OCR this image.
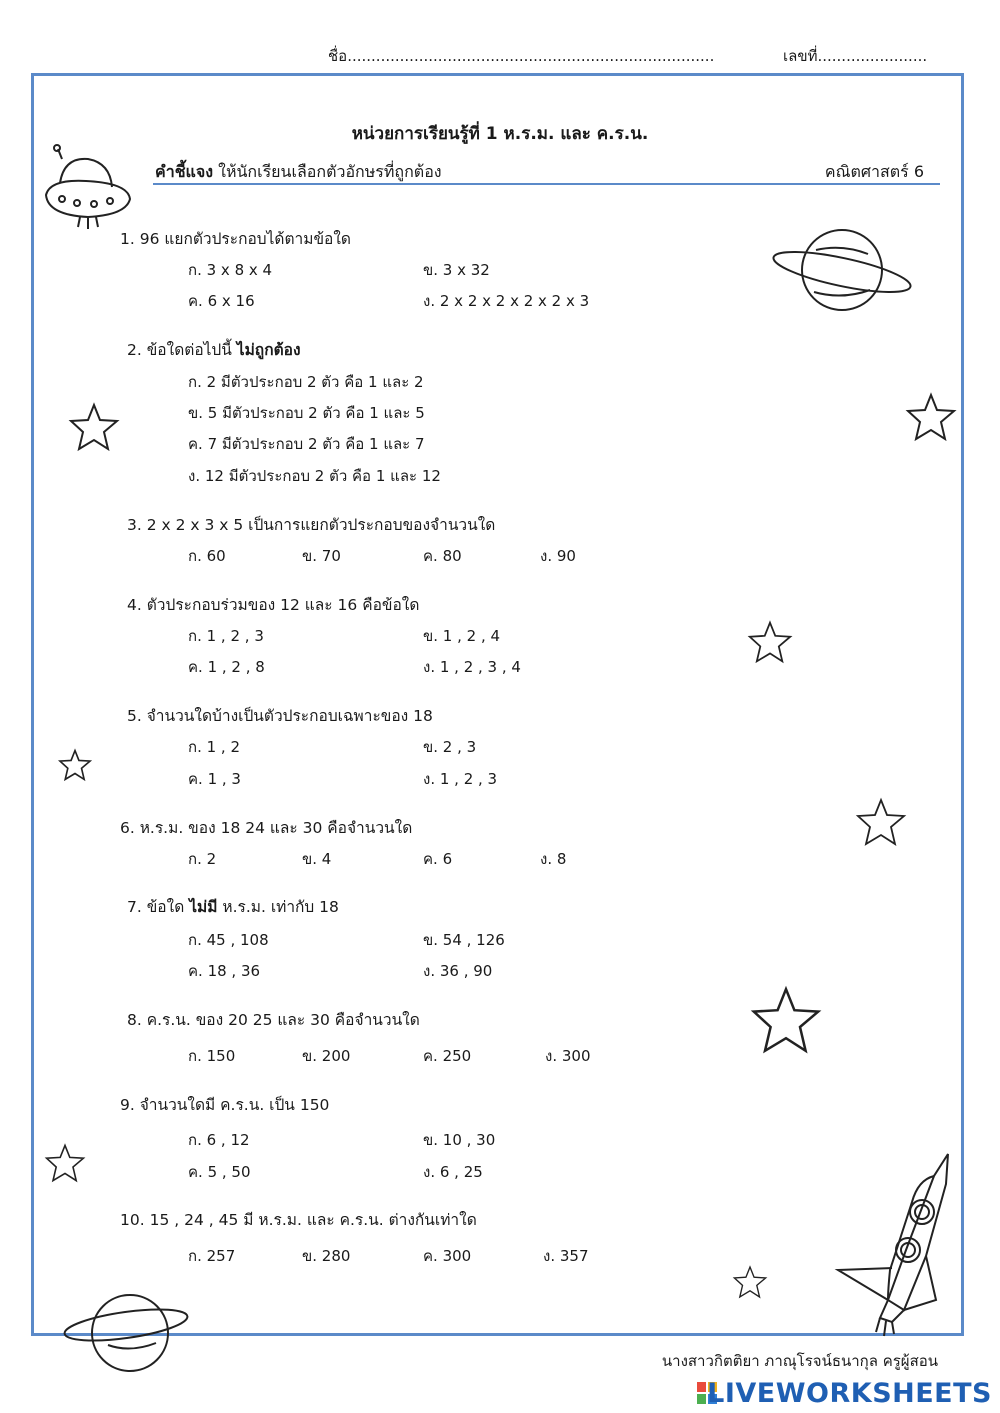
ชื่อ.............................................................................	เลขที่.......................
หน่วยการเรียนรู้ที่ 1 ห.ร.ม. และ ค.ร.น.
คำชี้แจง ให้นักเรียนเลือกตัวอักษรที่ถูกต้อง	คณิตศาสตร์ 6
1. 96 แยกตัวประกอบได้ตามข้อใด
ก. 3 x 8 x 4	ข. 3 x 32
ค. 6 x 16	ง. 2 x 2 x 2 x 2 x 2 x 3
2. ข้อใดต่อไปนี้ ไม่ถูกต้อง
ก. 2 มีตัวประกอบ 2 ตัว คือ 1 และ 2
ข. 5 มีตัวประกอบ 2 ตัว คือ 1 และ 5
ค. 7 มีตัวประกอบ 2 ตัว คือ 1 และ 7
ง. 12 มีตัวประกอบ 2 ตัว คือ 1 และ 12
3. 2 x 2 x 3 x 5 เป็นการแยกตัวประกอบของจำนวนใด
ก. 60	ข. 70	ค. 80	ง. 90
4. ตัวประกอบร่วมของ 12 และ 16 คือข้อใด
ก. 1 , 2 , 3	ข. 1 , 2 , 4
ค. 1 , 2 , 8	ง. 1 , 2 , 3 , 4
5. จำนวนใดบ้างเป็นตัวประกอบเฉพาะของ 18
ก. 1 , 2	ข. 2 , 3
ค. 1 , 3	ง. 1 , 2 , 3
6. ห.ร.ม. ของ 18 24 และ 30 คือจำนวนใด
ก. 2	ข. 4	ค. 6	ง. 8
7. ข้อใด ไม่มี ห.ร.ม. เท่ากับ 18
ก. 45 , 108	ข. 54 , 126
ค. 18 , 36	ง. 36 , 90
8. ค.ร.น. ของ 20 25 และ 30 คือจำนวนใด
ก. 150	ข. 200	ค. 250	ง. 300
9. จำนวนใดมี ค.ร.น. เป็น 150
ก. 6 , 12	ข. 10 , 30
ค. 5 , 50	ง. 6 , 25
10. 15 , 24 , 45 มี ห.ร.ม. และ ค.ร.น. ต่างกันเท่าใด
ก. 257	ข. 280	ค. 300	ง. 357
นางสาวกิตติยา ภาณุโรจน์ธนากุล ครูผู้สอน
LIVEWORKSHEETS
